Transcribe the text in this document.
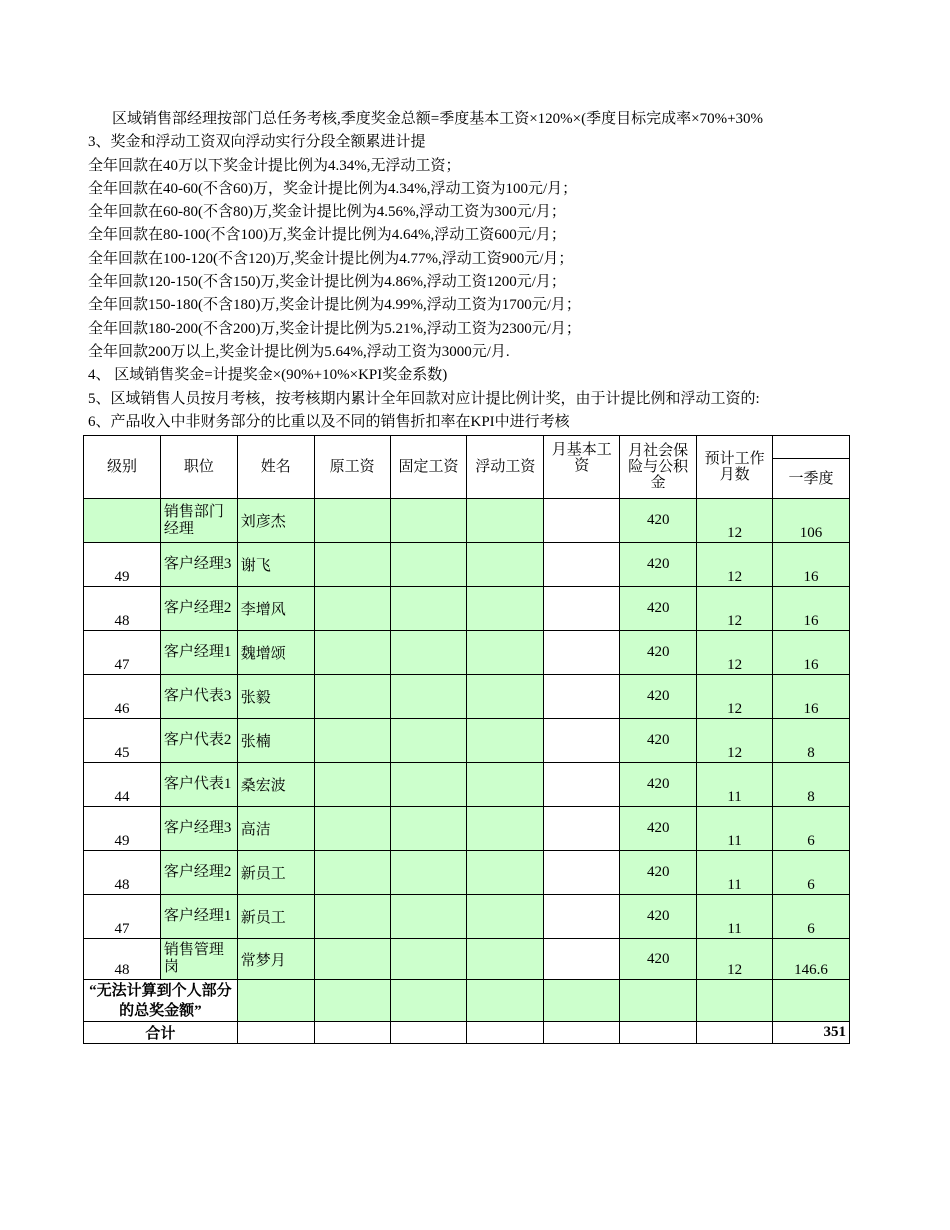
区域销售部经理按部门总任务考核,季度奖金总额=季度基本工资×120%×(季度目标完成率×70%+30%
3、奖金和浮动工资双向浮动实行分段全额累进计提
全年回款在40万以下奖金计提比例为4.34%,无浮动工资；
全年回款在40-60(不含60)万，奖金计提比例为4.34%,浮动工资为100元/月；
全年回款在60-80(不含80)万,奖金计提比例为4.56%,浮动工资为300元/月；
全年回款在80-100(不含100)万,奖金计提比例为4.64%,浮动工资600元/月；
全年回款在100-120(不含120)万,奖金计提比例为4.77%,浮动工资900元/月；
全年回款120-150(不含150)万,奖金计提比例为4.86%,浮动工资1200元/月；
全年回款150-180(不含180)万,奖金计提比例为4.99%,浮动工资为1700元/月；
全年回款180-200(不含200)万,奖金计提比例为5.21%,浮动工资为2300元/月；
全年回款200万以上,奖金计提比例为5.64%,浮动工资为3000元/月.
4、 区域销售奖金=计提奖金×(90%+10%×KPI奖金系数)
5、区域销售人员按月考核，按考核期内累计全年回款对应计提比例计奖，由于计提比例和浮动工资的:
6、产品收入中非财务部分的比重以及不同的销售折扣率在KPI中进行考核
级别	职位	姓名	原工资	固定工资	浮动工资	月基本工资	月社会保险与公积金	预计工作月数	
									一季度
	销售部门经理	刘彦杰					420	12	106
49	客户经理3	谢飞					420	12	16
48	客户经理2	李增风					420	12	16
47	客户经理1	魏增颂					420	12	16
46	客户代表3	张毅					420	12	16
45	客户代表2	张楠					420	12	8
44	客户代表1	桑宏波					420	11	8
49	客户经理3	高洁					420	11	6
48	客户经理2	新员工					420	11	6
47	客户经理1	新员工					420	11	6
48	销售管理岗	常梦月					420	12	146.6
“无法计算到个人部分的总奖金额”									
合计									351
